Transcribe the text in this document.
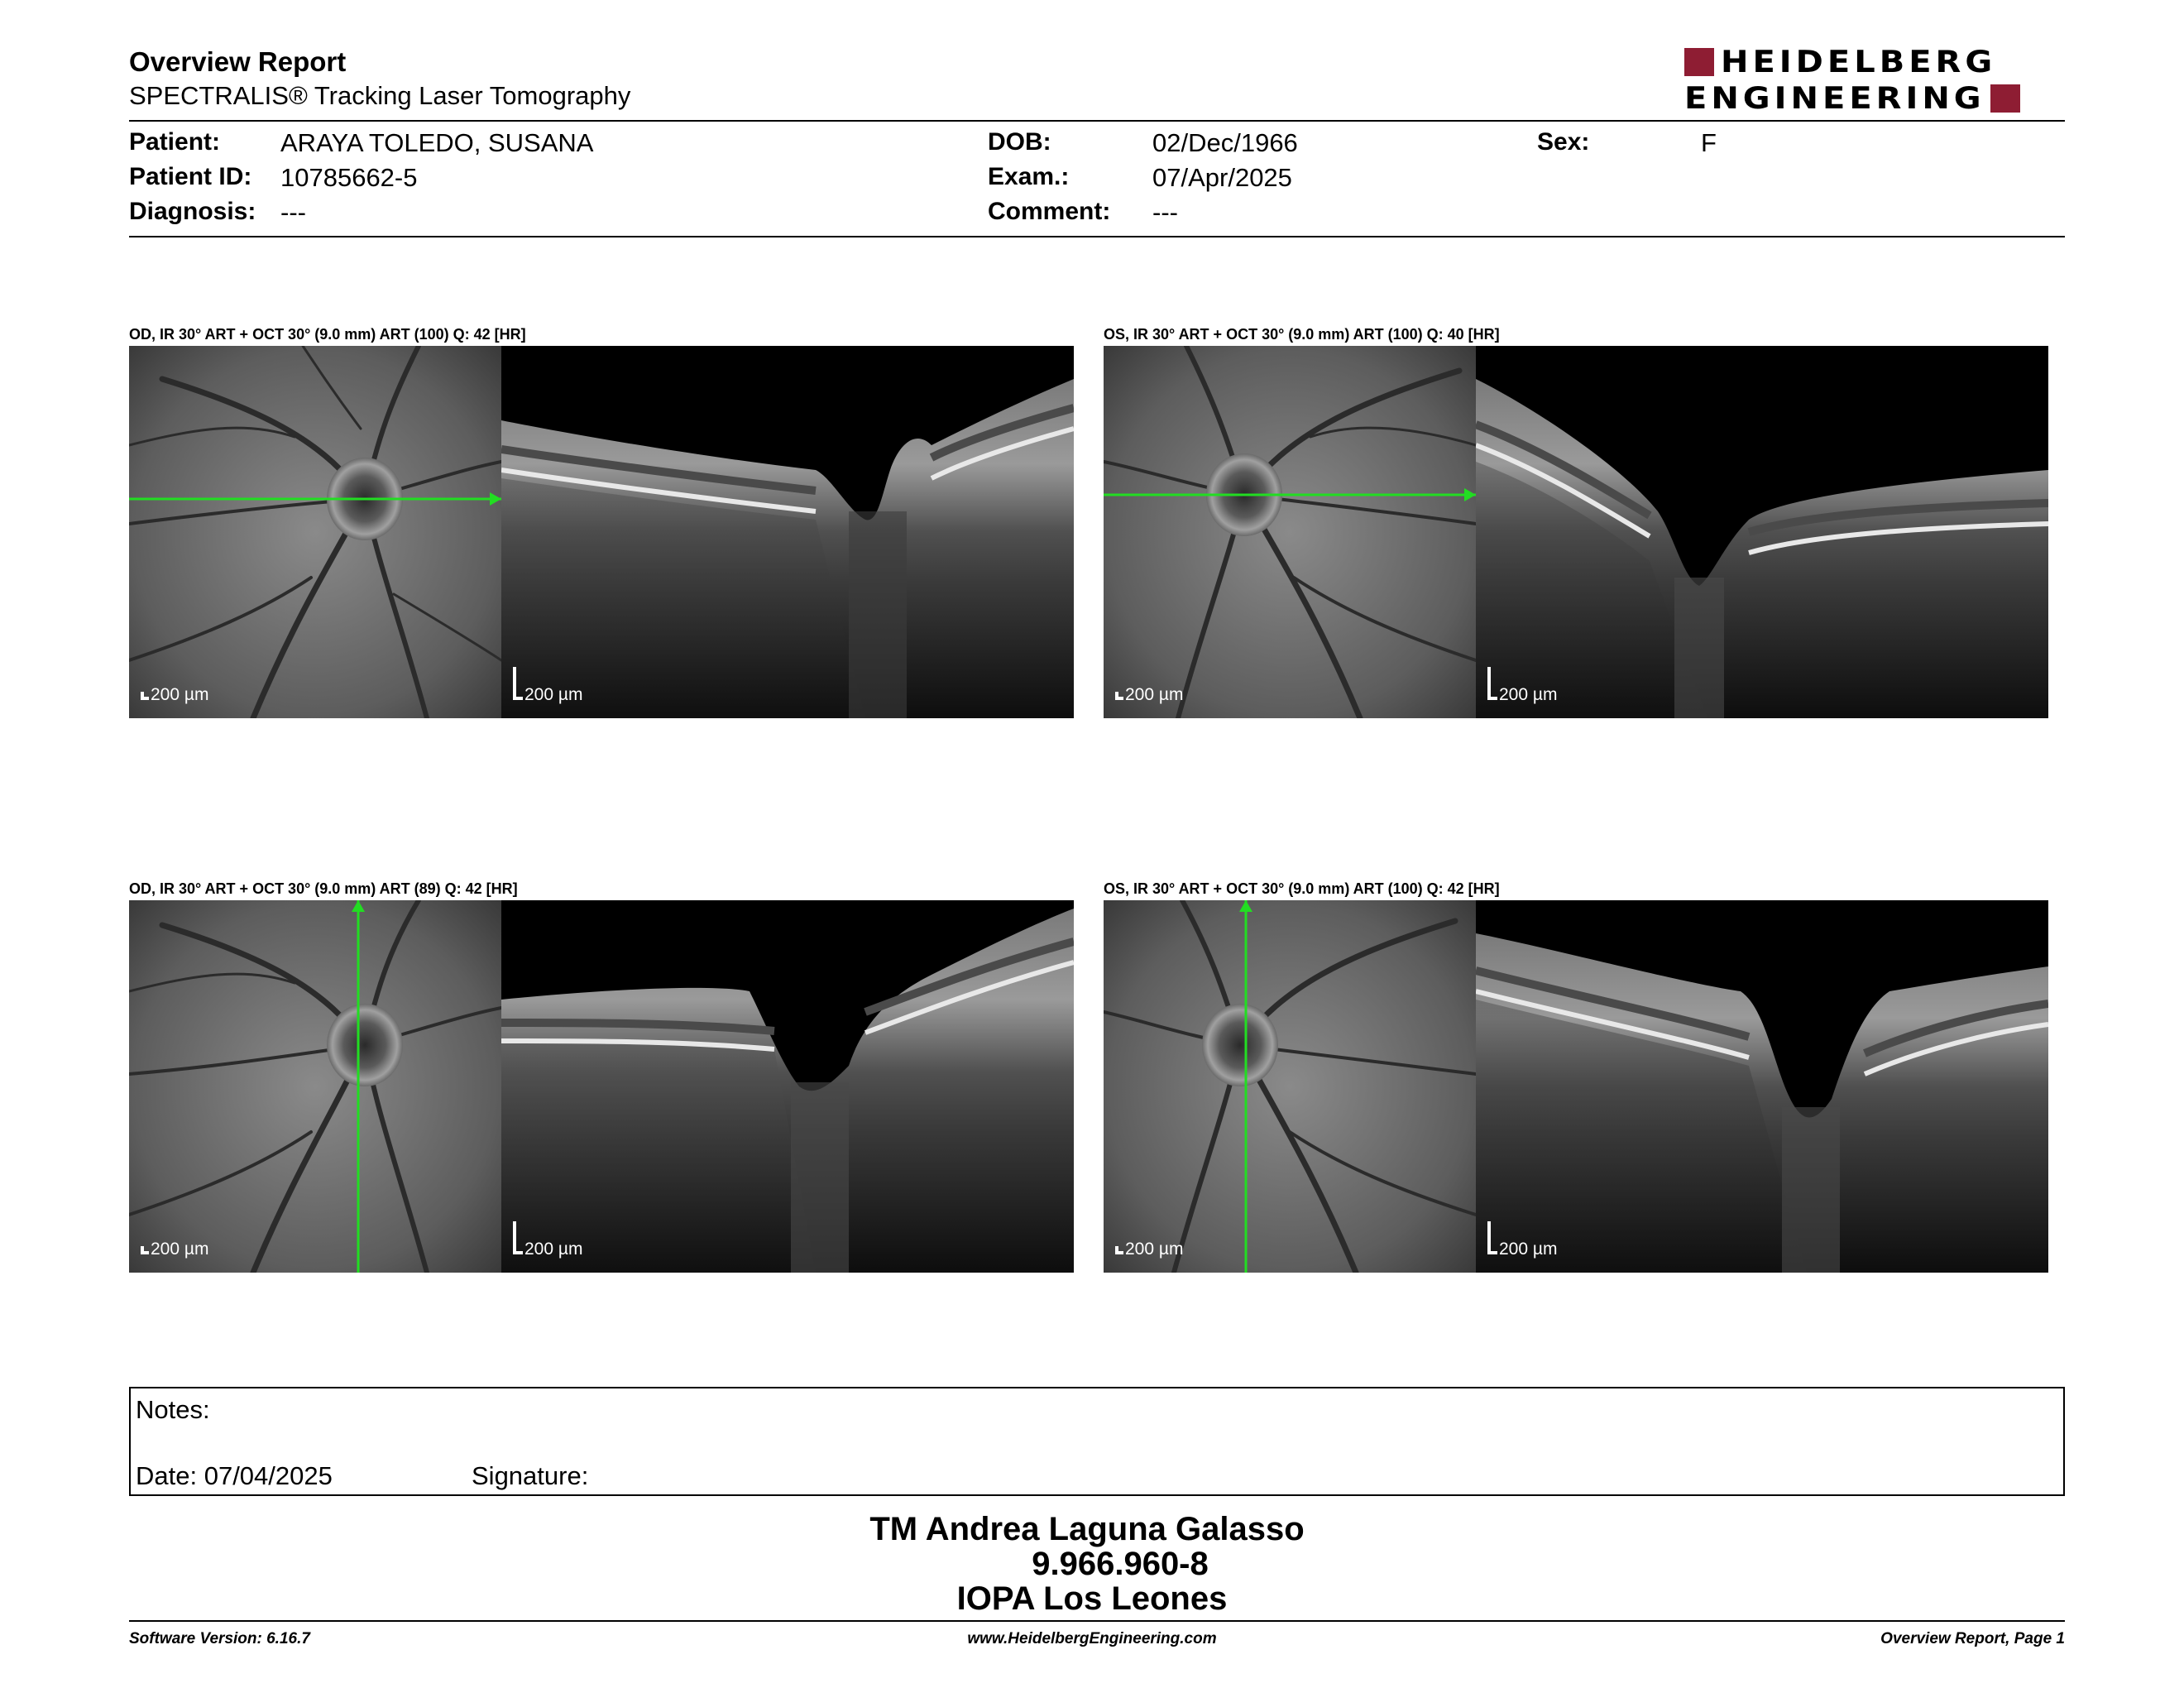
Overview Report
SPECTRALIS® Tracking Laser Tomography
HEIDELBERG
ENGINEERING
Patient: ARAYA TOLEDO, SUSANA
Patient ID: 10785662-5
Diagnosis: ---
DOB:	02/Dec/1966
Exam.:	07/Apr/2025
Comment: ---
Sex:	F
OD, IR 30° ART + OCT 30° (9.0 mm) ART (100) Q: 42 [HR]
200 µm	200 µm
OS, IR 30° ART + OCT 30° (9.0 mm) ART (100) Q: 40 [HR]
200 µm	200 µm
OD, IR 30° ART + OCT 30° (9.0 mm) ART (89) Q: 42 [HR]
200 µm	200 µm
OS, IR 30° ART + OCT 30° (9.0 mm) ART (100) Q: 42 [HR]
200 µm	200 µm
Notes:
Date: 07/04/2025	Signature:
TM Andrea Laguna Galasso
9.966.960-8
IOPA Los Leones
Software Version: 6.16.7	www.HeidelbergEngineering.com	Overview Report, Page 1
